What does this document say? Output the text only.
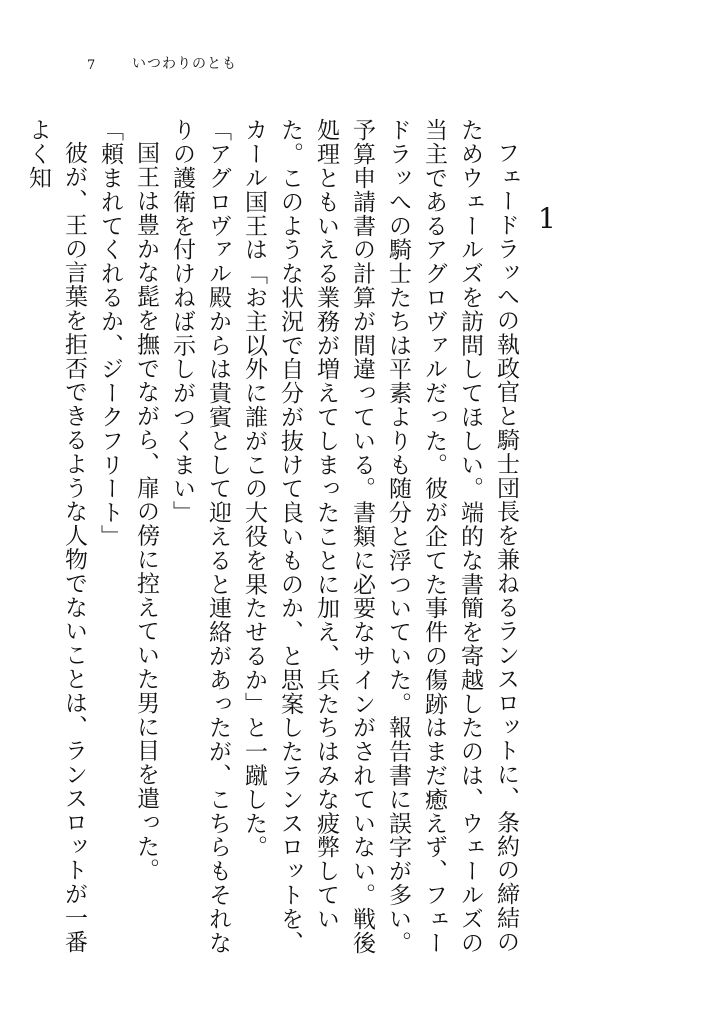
7	いつわりのとも
1

フェードラッへの執政官と騎士団長を兼ねるランスロットに、条約の締結のためウェールズを訪問してほしい。端的な書簡を寄越したのは、ウェールズの当主であるアグロヴァルだった。彼が企てた事件の傷跡はまだ癒えず、フェードラッへの騎士たちは平素よりも随分と浮ついていた。報告書に誤字が多い。予算申請書の計算が間違っている。書類に必要なサインがされていない。戦後処理ともいえる業務が増えてしまったことに加え、兵たちはみな疲弊していた。このような状況で自分が抜けて良いものか、と思案したランスロットを、カール国王は「お主以外に誰がこの大役を果たせるか」と一蹴した。

「アグロヴァル殿からは貴賓として迎えると連絡があったが、こちらもそれなりの護衛を付けねば示しがつくまい」

国王は豊かな髭を撫でながら、扉の傍に控えていた男に目を遣った。

「頼まれてくれるか、ジークフリート」

彼が、王の言葉を拒否できるような人物でないことは、ランスロットが一番よく知
